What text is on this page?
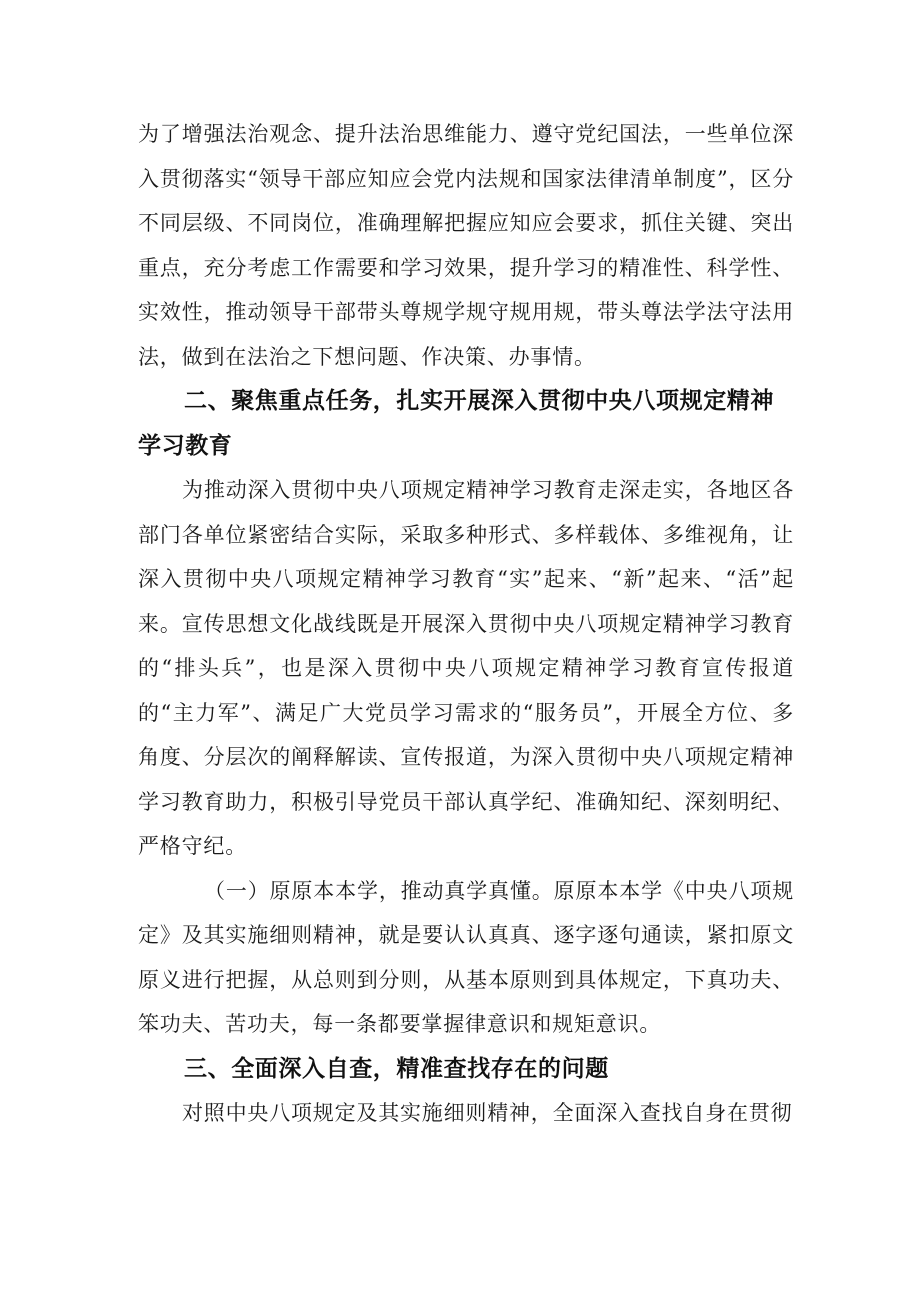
为了增强法治观念、提升法治思维能力、遵守党纪国法，一些单位深入贯彻落实“领导干部应知应会党内法规和国家法律清单制度”，区分不同层级、不同岗位，准确理解把握应知应会要求，抓住关键、突出重点，充分考虑工作需要和学习效果，提升学习的精准性、科学性、实效性，推动领导干部带头尊规学规守规用规，带头尊法学法守法用法，做到在法治之下想问题、作决策、办事情。

二、聚焦重点任务，扎实开展深入贯彻中央八项规定精神学习教育

为推动深入贯彻中央八项规定精神学习教育走深走实，各地区各部门各单位紧密结合实际，采取多种形式、多样载体、多维视角，让深入贯彻中央八项规定精神学习教育“实”起来、“新”起来、“活”起来。宣传思想文化战线既是开展深入贯彻中央八项规定精神学习教育的“排头兵”，也是深入贯彻中央八项规定精神学习教育宣传报道的“主力军”、满足广大党员学习需求的“服务员”，开展全方位、多角度、分层次的阐释解读、宣传报道，为深入贯彻中央八项规定精神学习教育助力，积极引导党员干部认真学纪、准确知纪、深刻明纪、严格守纪。

（一）原原本本学，推动真学真懂。原原本本学《中央八项规定》及其实施细则精神，就是要认认真真、逐字逐句通读，紧扣原文原义进行把握，从总则到分则，从基本原则到具体规定，下真功夫、笨功夫、苦功夫，每一条都要掌握律意识和规矩意识。

三、全面深入自查，精准查找存在的问题

对照中央八项规定及其实施细则精神，全面深入查找自身在贯彻
